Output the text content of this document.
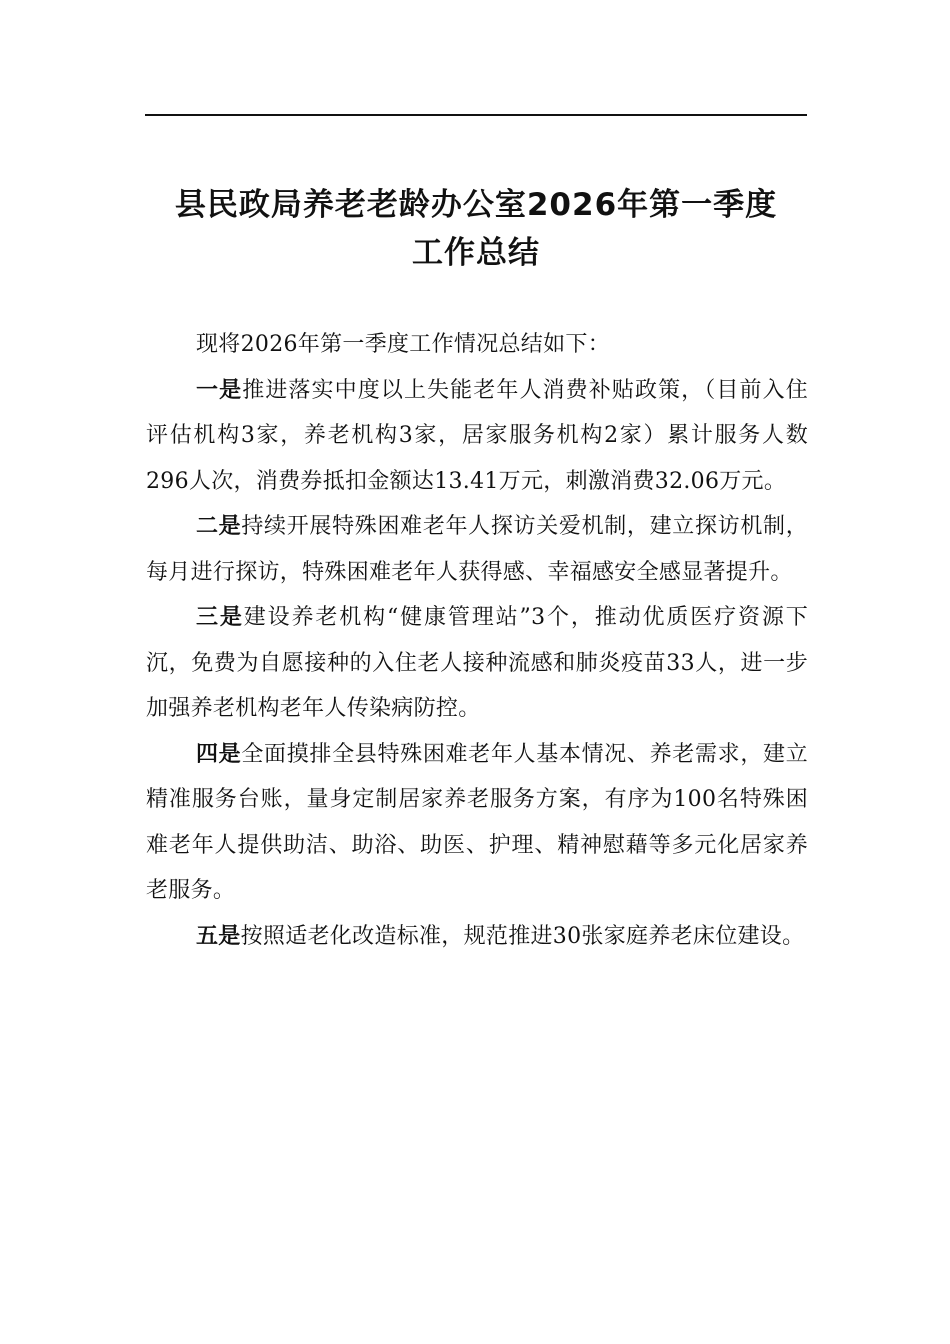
县民政局养老老龄办公室2026年第一季度
工作总结

现将2026年第一季度工作情况总结如下：

一是推进落实中度以上失能老年人消费补贴政策，（目前入住评估机构3家，养老机构3家，居家服务机构2家）累计服务人数296人次，消费券抵扣金额达13.41万元，刺激消费32.06万元。

二是持续开展特殊困难老年人探访关爱机制，建立探访机制，每月进行探访，特殊困难老年人获得感、幸福感安全感显著提升。

三是建设养老机构“健康管理站”3个，推动优质医疗资源下沉，免费为自愿接种的入住老人接种流感和肺炎疫苗33人，进一步加强养老机构老年人传染病防控。

四是全面摸排全县特殊困难老年人基本情况、养老需求，建立精准服务台账，量身定制居家养老服务方案，有序为100名特殊困难老年人提供助洁、助浴、助医、护理、精神慰藉等多元化居家养老服务。

五是按照适老化改造标准，规范推进30张家庭养老床位建设。
